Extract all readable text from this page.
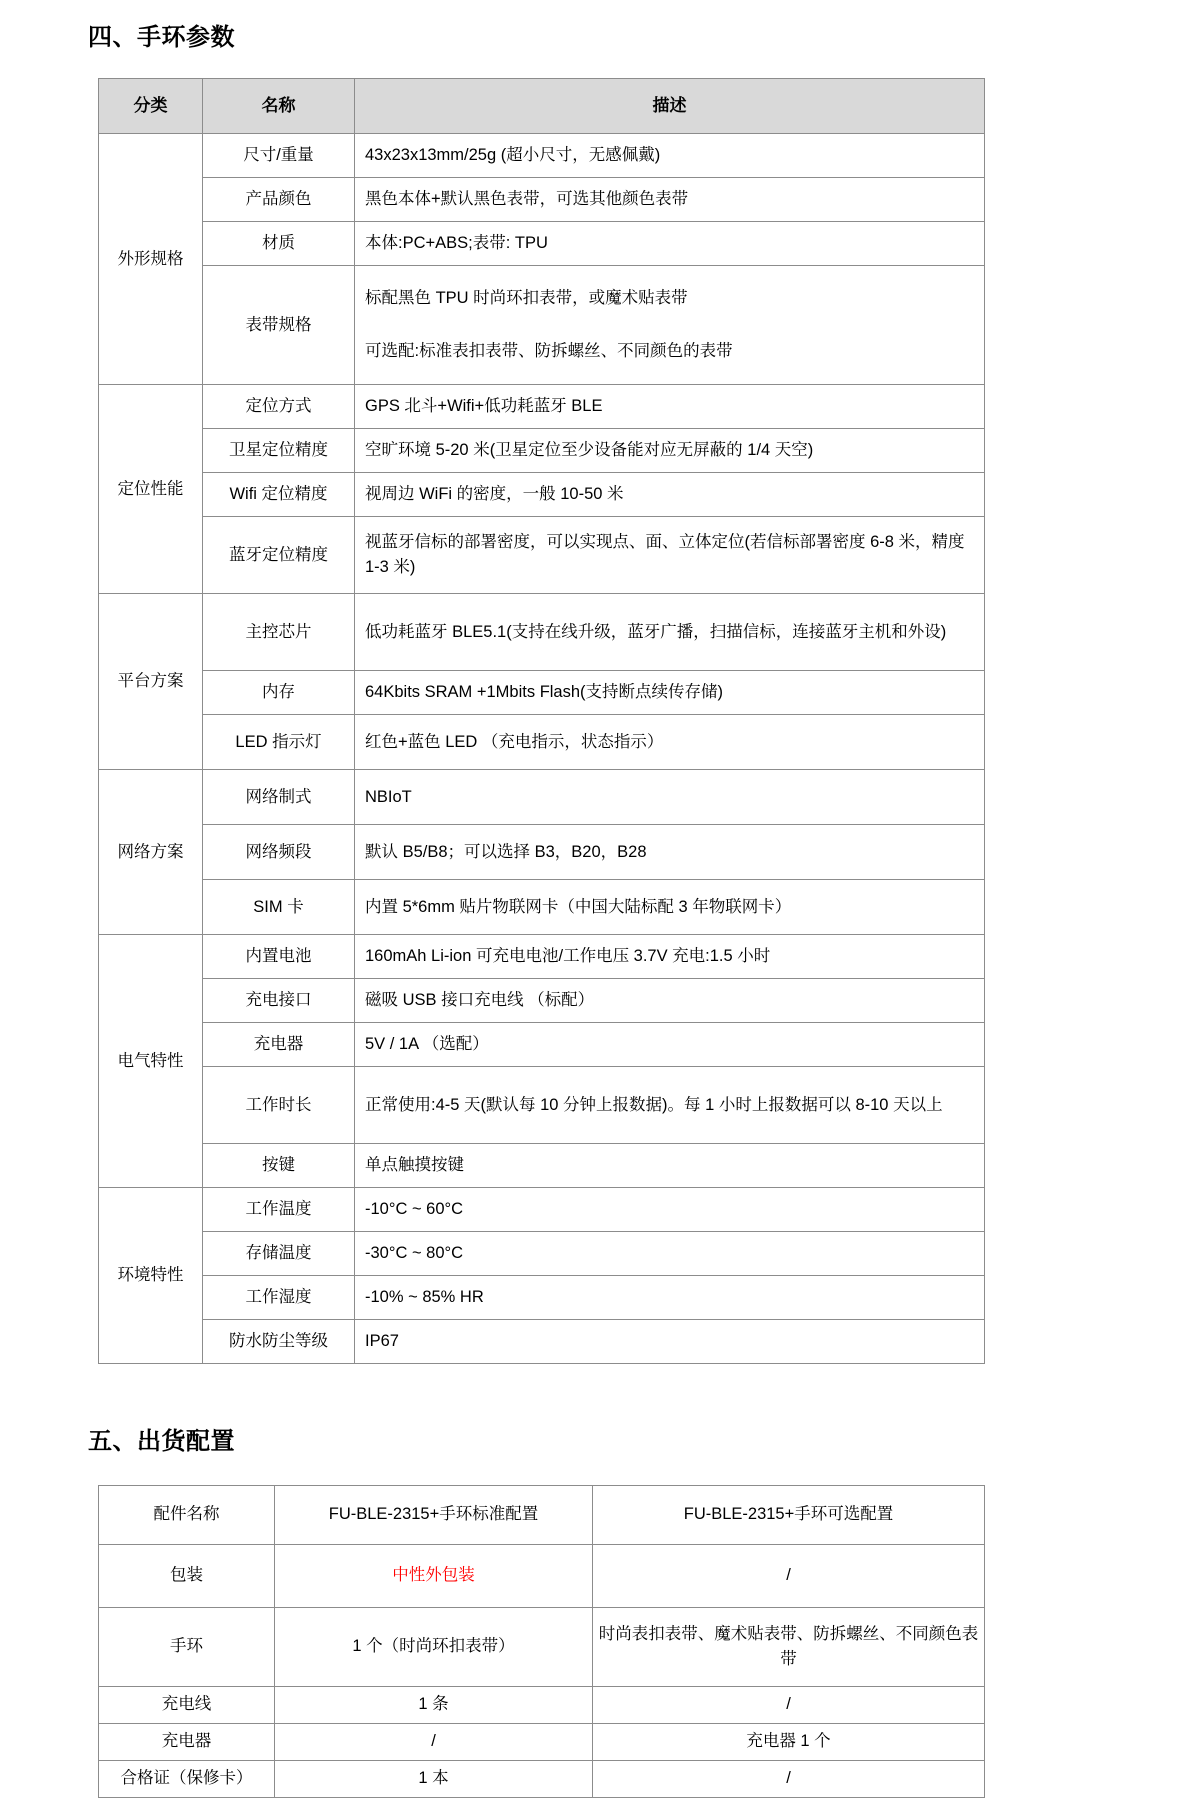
四、手环参数
分类	名称	描述
外形规格	尺寸/重量	43x23x13mm/25g (超小尺寸，无感佩戴)
	产品颜色	黑色本体+默认黑色表带，可选其他颜色表带
	材质	本体:PC+ABS;表带: TPU
	表带规格	标配黑色 TPU 时尚环扣表带，或魔术贴表带
可选配:标准表扣表带、防拆螺丝、不同颜色的表带

定位性能	定位方式	GPS 北斗+Wifi+低功耗蓝牙 BLE
	卫星定位精度	空旷环境 5-20 米(卫星定位至少设备能对应无屏蔽的 1/4 天空)
	Wifi 定位精度	视周边 WiFi 的密度，一般 10-50 米
	蓝牙定位精度	视蓝牙信标的部署密度，可以实现点、面、立体定位(若信标部署密度 6-8 米，精度 1-3 米)
平台方案	主控芯片	低功耗蓝牙 BLE5.1(支持在线升级，蓝牙广播，扫描信标，连接蓝牙主机和外设)
	内存	64Kbits SRAM +1Mbits Flash(支持断点续传存储)
	LED 指示灯	红色+蓝色 LED （充电指示，状态指示）
网络方案	网络制式	NBIoT
	网络频段	默认 B5/B8；可以选择 B3，B20，B28
	SIM 卡	内置 5*6mm 贴片物联网卡（中国大陆标配 3 年物联网卡）
电气特性	内置电池	160mAh Li-ion 可充电电池/工作电压 3.7V 充电:1.5 小时
	充电接口	磁吸 USB 接口充电线 （标配）
	充电器	5V / 1A （选配）
	工作时长	正常使用:4-5 天(默认每 10 分钟上报数据)。每 1 小时上报数据可以 8-10 天以上
	按键	单点触摸按键
环境特性	工作温度	-10°C ~ 60°C
	存储温度	-30°C ~ 80°C
	工作湿度	-10% ~ 85% HR
	防水防尘等级	IP67
五、出货配置
配件名称	FU-BLE-2315+手环标准配置	FU-BLE-2315+手环可选配置
包装	中性外包装	/
手环	1 个（时尚环扣表带）	时尚表扣表带、魔术贴表带、防拆螺丝、不同颜色表带
充电线	1 条	/
充电器	/	充电器 1 个
合格证（保修卡）	1 本	/
